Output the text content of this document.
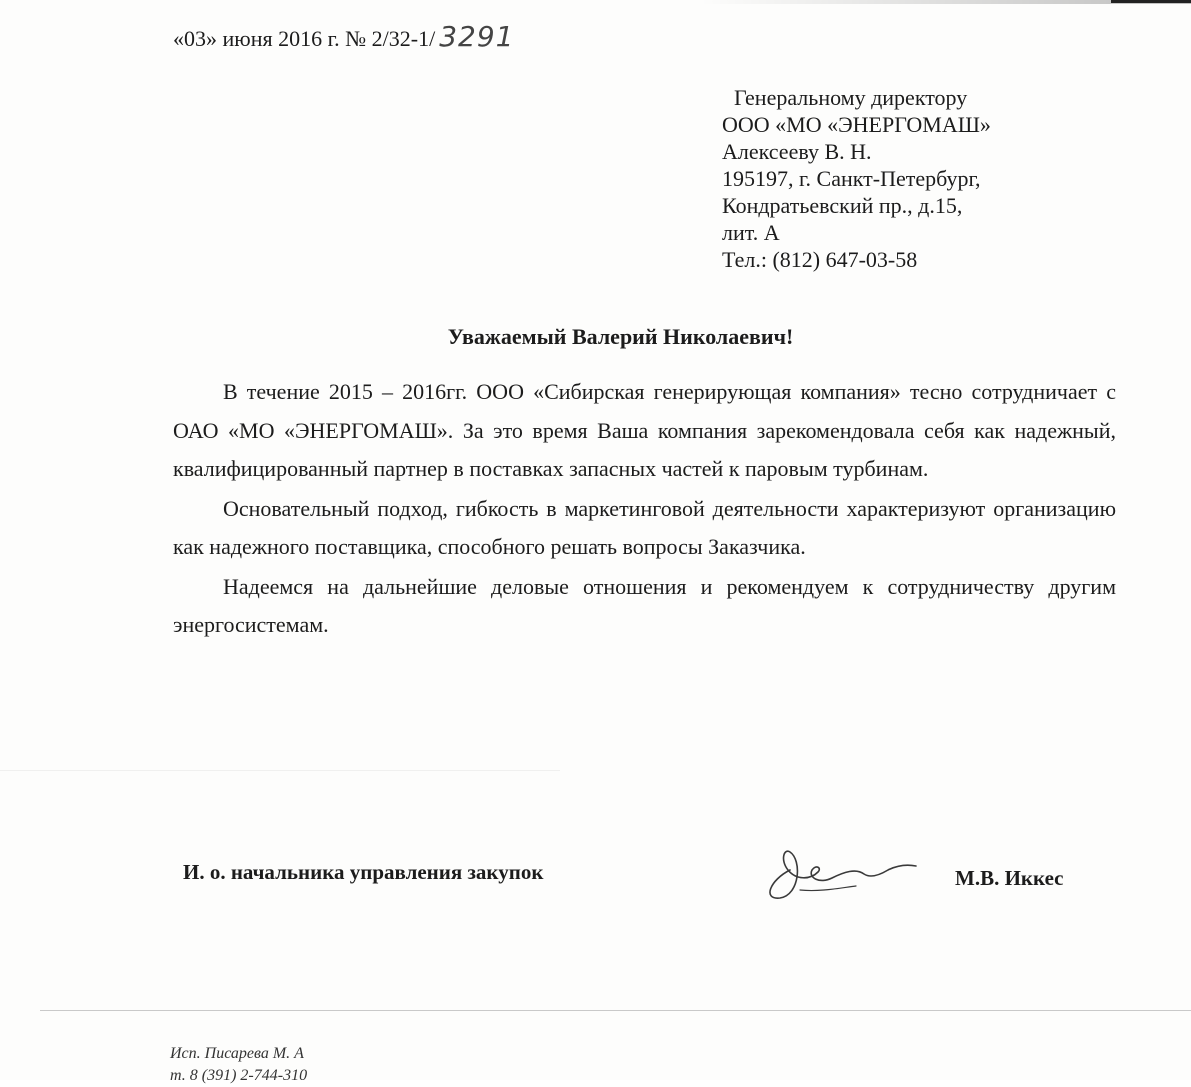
«03» июня 2016 г. № 2/32-1/ 3291
Генеральному директору
ООО «МО «ЭНЕРГОМАШ»
Алексееву В. Н.
195197, г. Санкт-Петербург,
Кондратьевский пр., д.15,
лит. А
Тел.: (812) 647-03-58
Уважаемый Валерий Николаевич!

В течение 2015 – 2016гг. ООО «Сибирская генерирующая компания» тесно сотрудничает с ОАО «МО «ЭНЕРГОМАШ». За это время Ваша компания зарекомендовала себя как надежный, квалифицированный партнер в поставках запасных частей к паровым турбинам.

Основательный подход, гибкость в маркетинговой деятельности характеризуют организацию как надежного поставщика, способного решать вопросы Заказчика.

Надеемся на дальнейшие деловые отношения и рекомендуем к сотрудничеству другим энергосистемам.

И. о. начальника управления закупок	М.В. Иккес
Исп. Писарева М. А
т. 8 (391) 2-744-310
